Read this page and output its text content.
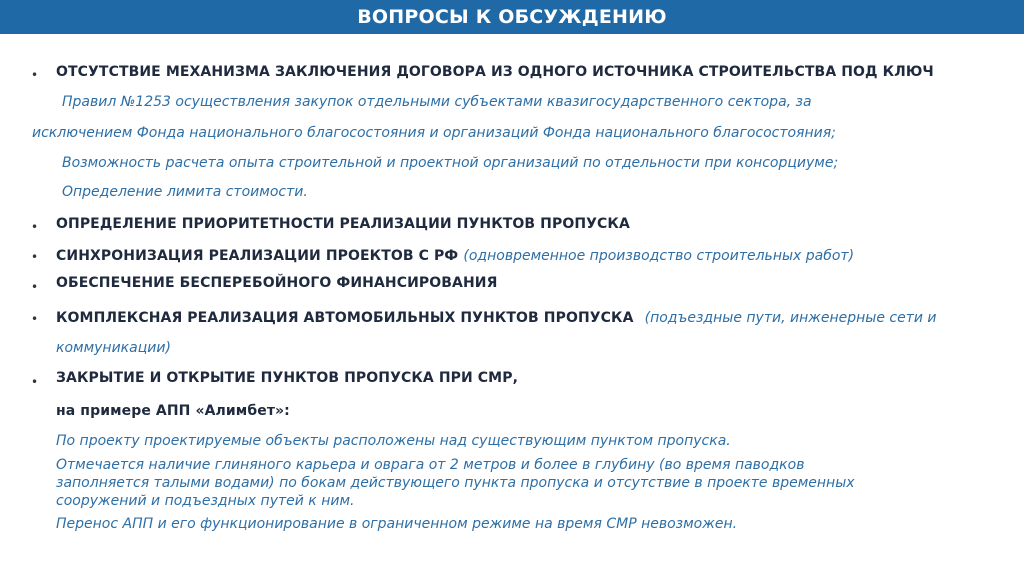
ВОПРОСЫ К ОБСУЖДЕНИЮ
• ОТСУТСТВИЕ МЕХАНИЗМА ЗАКЛЮЧЕНИЯ ДОГОВОРА ИЗ ОДНОГО ИСТОЧНИКА СТРОИТЕЛЬСТВА ПОД КЛЮЧ
Правил №1253 осуществления закупок отдельными субъектами квазигосударственного сектора, за
исключением Фонда национального благосостояния и организаций Фонда национального благосостояния;
Возможность расчета опыта строительной и проектной организаций по отдельности при консорциуме;
Определение лимита стоимости.
• ОПРЕДЕЛЕНИЕ ПРИОРИТЕТНОСТИ РЕАЛИЗАЦИИ ПУНКТОВ ПРОПУСКА
• СИНХРОНИЗАЦИЯ РЕАЛИЗАЦИИ ПРОЕКТОВ С РФ (одновременное производство строительных работ)
• ОБЕСПЕЧЕНИЕ БЕСПЕРЕБОЙНОГО ФИНАНСИРОВАНИЯ
• КОМПЛЕКСНАЯ РЕАЛИЗАЦИЯ АВТОМОБИЛЬНЫХ ПУНКТОВ ПРОПУСКА (подъездные пути, инженерные сети и
коммуникации)
• ЗАКРЫТИЕ И ОТКРЫТИЕ ПУНКТОВ ПРОПУСКА ПРИ СМР,
на примере АПП «Алимбет»:
По проекту проектируемые объекты расположены над существующим пунктом пропуска.
Отмечается наличие глиняного карьера и оврага от 2 метров и более в глубину (во время паводков
заполняется талыми водами) по бокам действующего пункта пропуска и отсутствие в проекте временных
сооружений и подъездных путей к ним.
Перенос АПП и его функционирование в ограниченном режиме на время СМР невозможен.
